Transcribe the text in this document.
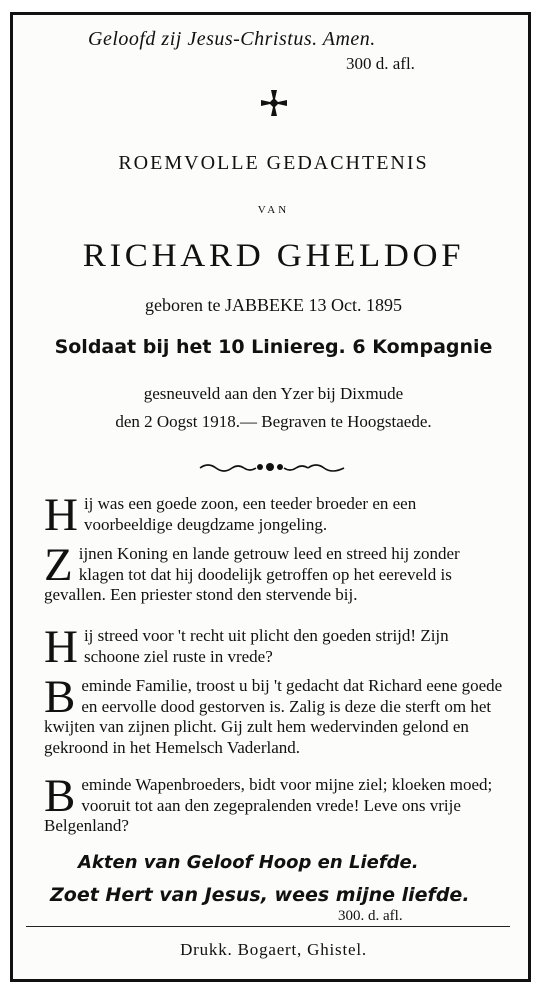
Geloofd zij Jesus-Christus. Amen.
300 d. afl.
ROEMVOLLE GEDACHTENIS
VAN
RICHARD GHELDOF
geboren te JABBEKE 13 Oct. 1895
Soldaat bij het 10 Liniereg. 6 Kompagnie
gesneuveld aan den Yzer bij Dixmude
den 2 Oogst 1918.— Begraven te Hoogstaede.
Hij was een goede zoon, een teeder broeder en een voorbeeldige deugdzame jongeling.
Zijnen Koning en lande getrouw leed en streed hij zonder klagen tot dat hij doodelijk getroffen op het eereveld is gevallen. Een priester stond den stervende bij.
Hij streed voor 't recht uit plicht den goeden strijd! Zijn schoone ziel ruste in vrede?
Beminde Familie, troost u bij 't gedacht dat Richard eene goede en eervolle dood gestorven is. Zalig is deze die sterft om het kwijten van zijnen plicht. Gij zult hem wedervinden gelond en gekroond in het Hemelsch Vaderland.
Beminde Wapenbroeders, bidt voor mijne ziel; kloeken moed; vooruit tot aan den zegepralenden vrede! Leve ons vrije Belgenland?
Akten van Geloof Hoop en Liefde.
Zoet Hert van Jesus, wees mijne liefde.
300. d. afl.
Drukk. Bogaert, Ghistel.
